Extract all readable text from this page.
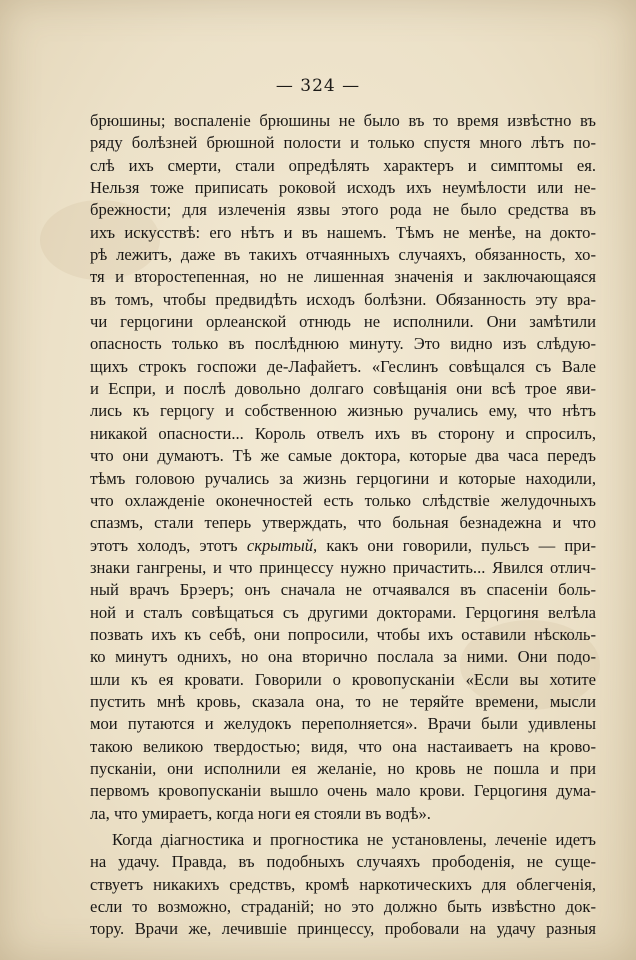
— 324 —
брюшины; воспаленіе брюшины не было въ то время извѣстно въ
ряду болѣзней брюшной полости и только спустя много лѣтъ по-
слѣ ихъ смерти, стали опредѣлять характеръ и симптомы ея.
Нельзя тоже приписать роковой исходъ ихъ неумѣлости или не-
брежности; для излеченія язвы этого рода не было средства въ
ихъ искусствѣ: его нѣтъ и въ нашемъ. Тѣмъ не менѣе, на докто-
рѣ лежитъ, даже въ такихъ отчаянныхъ случаяхъ, обязанность, хо-
тя и второстепенная, но не лишенная значенія и заключающаяся
въ томъ, чтобы предвидѣть исходъ болѣзни. Обязанность эту вра-
чи герцогини орлеанской отнюдь не исполнили. Они замѣтили
опасность только въ послѣднюю минуту. Это видно изъ слѣдую-
щихъ строкъ госпожи де-Лафайетъ. «Геслинъ совѣщался съ Вале
и Еспри, и послѣ довольно долгаго совѣщанія они всѣ трое яви-
лись къ герцогу и собственною жизнью ручались ему, что нѣтъ
никакой опасности... Король отвелъ ихъ въ сторону и спросилъ,
что они думаютъ. Тѣ же самые доктора, которые два часа передъ
тѣмъ головою ручались за жизнь герцогини и которые находили,
что охлажденіе оконечностей есть только слѣдствіе желудочныхъ
спазмъ, стали теперь утверждать, что больная безнадежна и что
этотъ холодъ, этотъ скрытый, какъ они говорили, пульсъ — при-
знаки гангрены, и что принцессу нужно причастить... Явился отлич-
ный врачъ Брэеръ; онъ сначала не отчаявался въ спасеніи боль-
ной и сталъ совѣщаться съ другими докторами. Герцогиня велѣла
позвать ихъ къ себѣ, они попросили, чтобы ихъ оставили нѣсколь-
ко минутъ однихъ, но она вторично послала за ними. Они подо-
шли къ ея кровати. Говорили о кровопусканіи «Если вы хотите
пустить мнѣ кровь, сказала она, то не теряйте времени, мысли
мои путаются и желудокъ переполняется». Врачи были удивлены
такою великою твердостью; видя, что она настаиваетъ на крово-
пусканіи, они исполнили ея желаніе, но кровь не пошла и при
первомъ кровопусканіи вышло очень мало крови. Герцогиня дума-
ла, что умираетъ, когда ноги ея стояли въ водѣ».
Когда діагностика и прогностика не установлены, леченіе идетъ
на удачу. Правда, въ подобныхъ случаяхъ прободенія, не суще-
ствуетъ никакихъ средствъ, кромѣ наркотическихъ для облегченія,
если то возможно, страданій; но это должно быть извѣстно док-
тору. Врачи же, лечившіе принцессу, пробовали на удачу разныя
